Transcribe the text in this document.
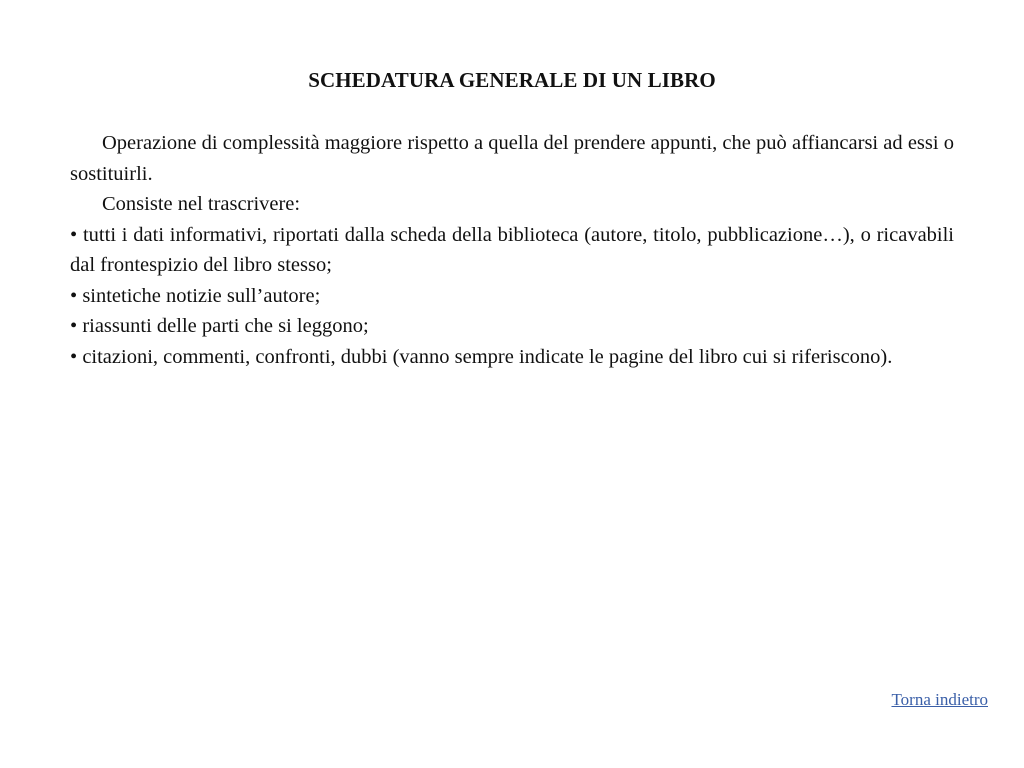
SCHEDATURA GENERALE DI UN LIBRO

Operazione di complessità maggiore rispetto a quella del prendere appunti, che può affiancarsi ad essi o sostituirli.

Consiste nel trascrivere:

• tutti i dati informativi, riportati dalla scheda della biblioteca (autore, titolo, pubblicazione…), o ricavabili dal frontespizio del libro stesso;

• sintetiche notizie sull’autore;

• riassunti delle parti che si leggono;

• citazioni, commenti, confronti, dubbi (vanno sempre indicate le pagine del libro cui si riferiscono).

Torna indietro
